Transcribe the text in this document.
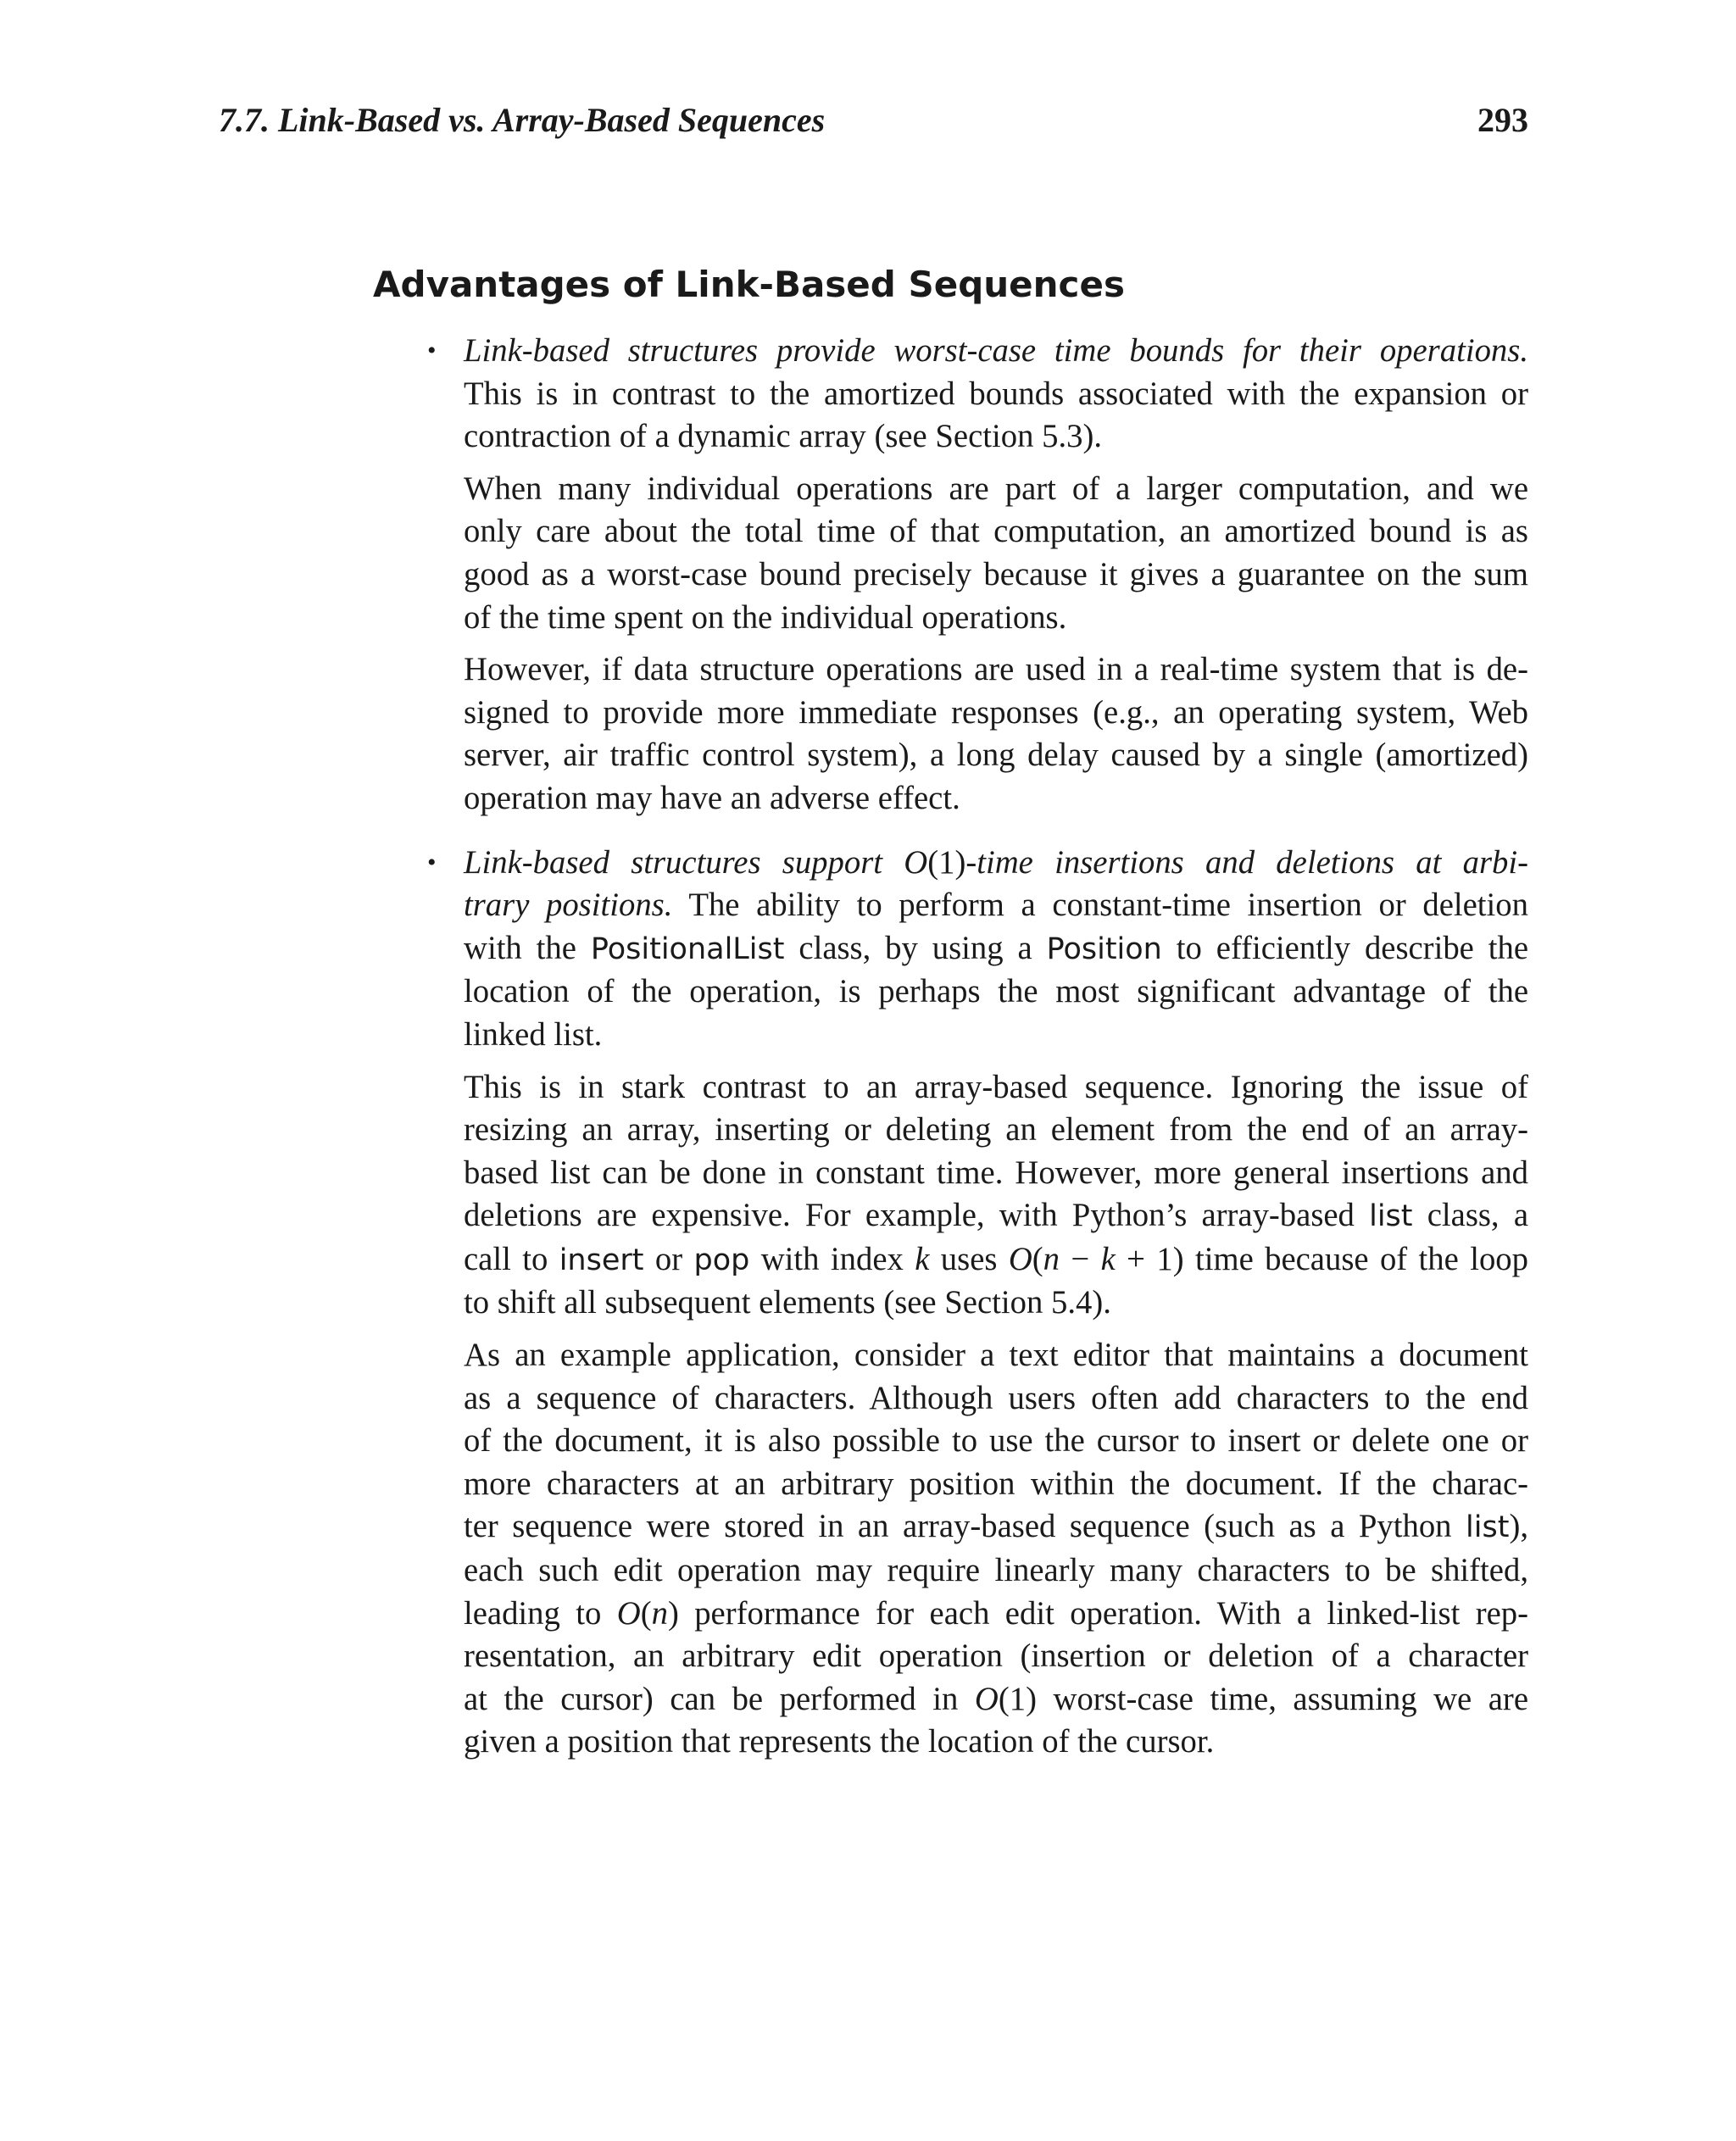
7.7. Link-Based vs. Array-Based Sequences	293
Advantages of Link-Based Sequences
• Link-based structures provide worst-case time bounds for their operations.
This is in contrast to the amortized bounds associated with the expansion or
contraction of a dynamic array (see Section 5.3).

When many individual operations are part of a larger computation, and we
only care about the total time of that computation, an amortized bound is as
good as a worst-case bound precisely because it gives a guarantee on the sum
of the time spent on the individual operations.

However, if data structure operations are used in a real-time system that is de-
signed to provide more immediate responses (e.g., an operating system, Web
server, air traffic control system), a long delay caused by a single (amortized)
operation may have an adverse effect.

• Link-based structures support O(1)-time insertions and deletions at arbi-
trary positions. The ability to perform a constant-time insertion or deletion
with the PositionalList class, by using a Position to efficiently describe the
location of the operation, is perhaps the most significant advantage of the
linked list.

This is in stark contrast to an array-based sequence. Ignoring the issue of
resizing an array, inserting or deleting an element from the end of an array-
based list can be done in constant time. However, more general insertions and
deletions are expensive. For example, with Python’s array-based list class, a
call to insert or pop with index k uses O(n − k + 1) time because of the loop
to shift all subsequent elements (see Section 5.4).

As an example application, consider a text editor that maintains a document
as a sequence of characters. Although users often add characters to the end
of the document, it is also possible to use the cursor to insert or delete one or
more characters at an arbitrary position within the document. If the charac-
ter sequence were stored in an array-based sequence (such as a Python list),
each such edit operation may require linearly many characters to be shifted,
leading to O(n) performance for each edit operation. With a linked-list rep-
resentation, an arbitrary edit operation (insertion or deletion of a character
at the cursor) can be performed in O(1) worst-case time, assuming we are
given a position that represents the location of the cursor.
